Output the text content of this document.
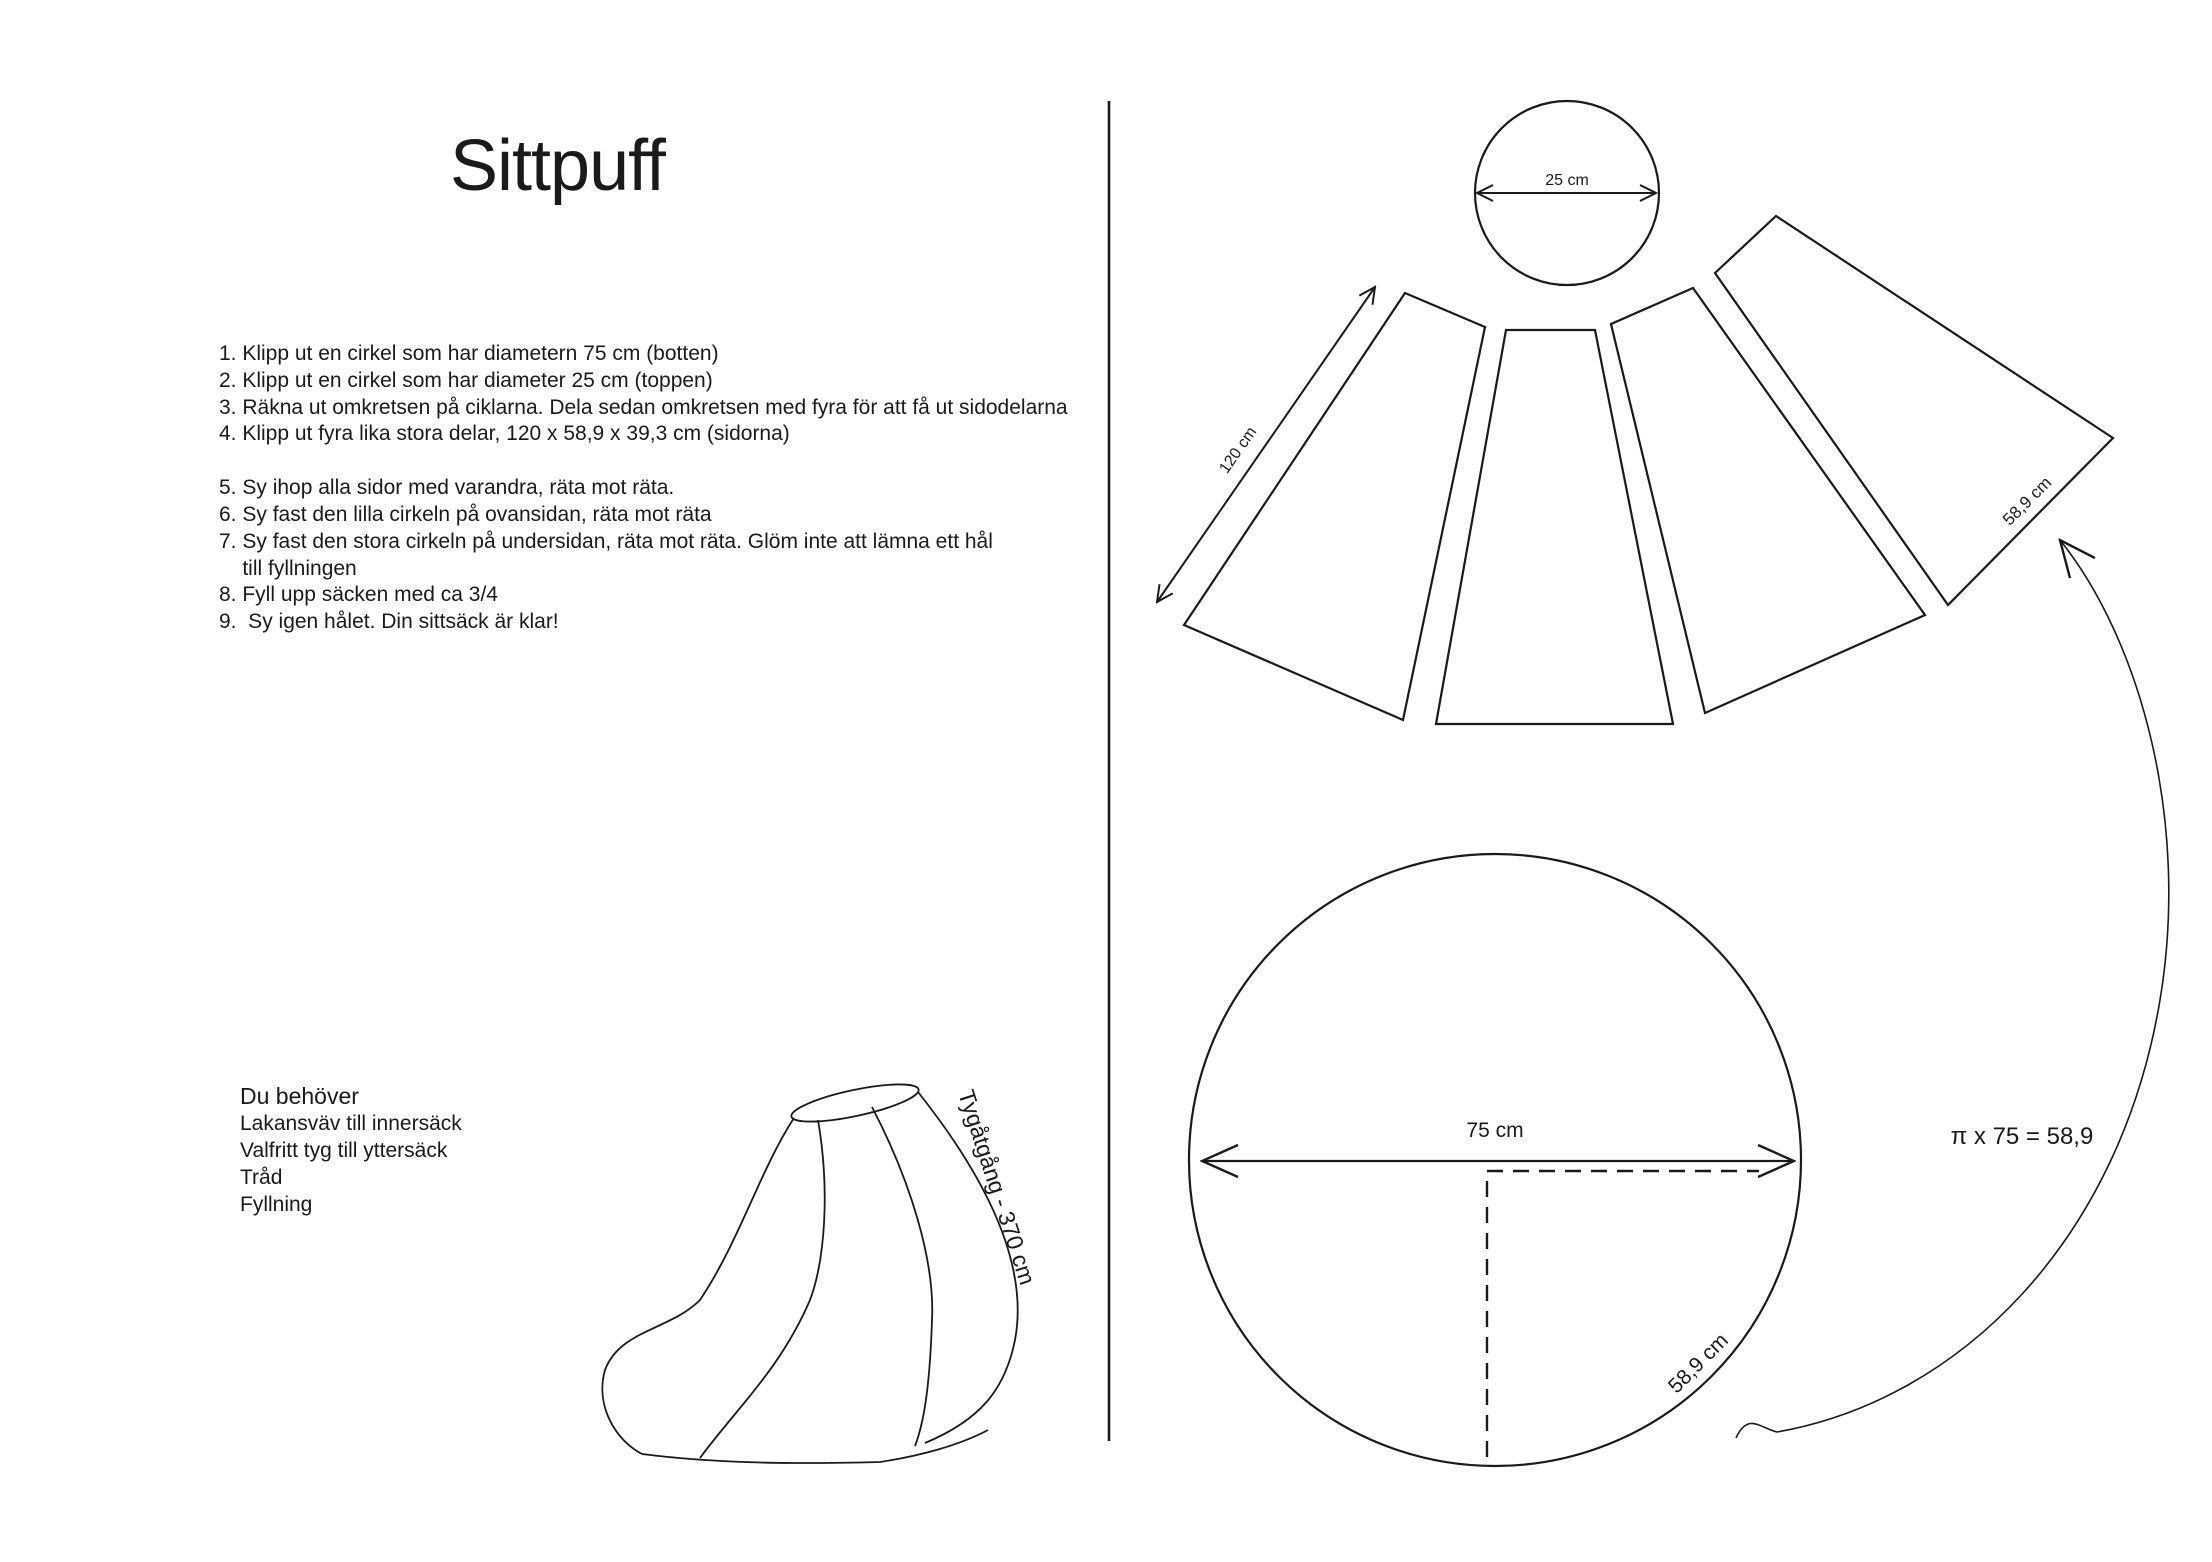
Sittpuff
1. Klipp ut en cirkel som har diametern 75 cm (botten)
2. Klipp ut en cirkel som har diameter 25 cm (toppen)
3. Räkna ut omkretsen på ciklarna. Dela sedan omkretsen med fyra för att få ut sidodelarna
4. Klipp ut fyra lika stora delar, 120 x 58,9 x 39,3 cm (sidorna)
5. Sy ihop alla sidor med varandra, räta mot räta.
6. Sy fast den lilla cirkeln på ovansidan, räta mot räta
7. Sy fast den stora cirkeln på undersidan, räta mot räta. Glöm inte att lämna ett hål
till fyllningen
8. Fyll upp säcken med ca 3/4
9.  Sy igen hålet. Din sittsäck är klar!
Du behöver
Lakansväv till innersäck
Valfritt tyg till yttersäck
Tråd
Fyllning
25 cm
120 cm
58,9 cm
75 cm
58,9 cm
π x 75 = 58,9
Tygåtgång - 370 cm
